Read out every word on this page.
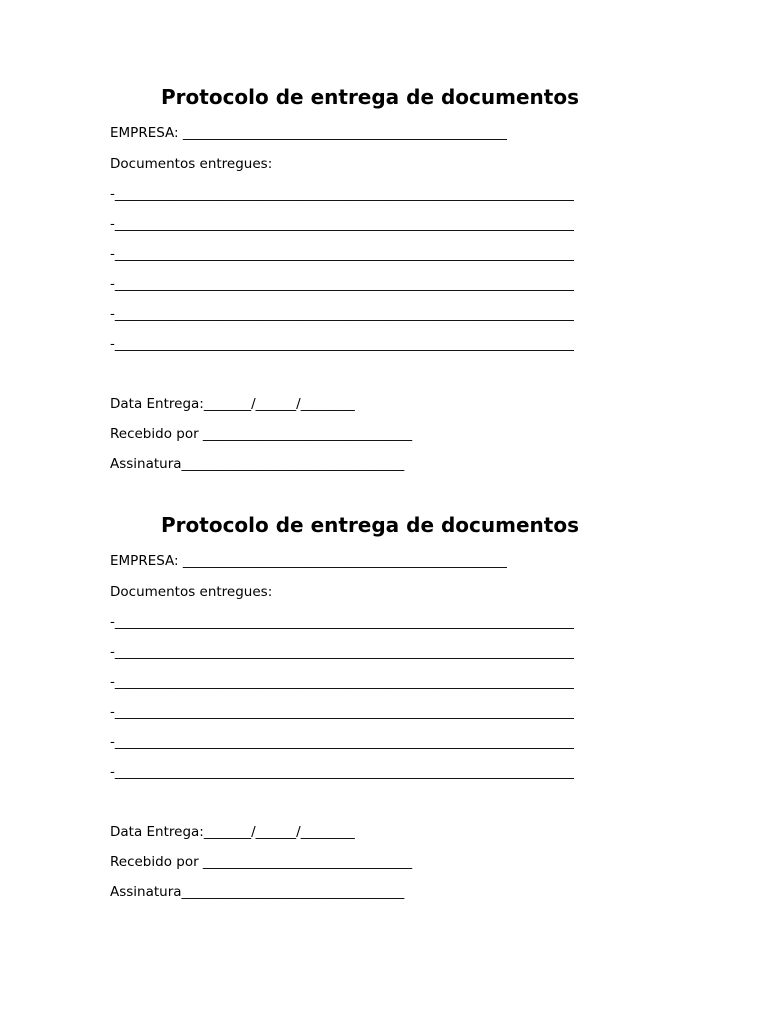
Protocolo de entrega de documentos
EMPRESA: ________________________________________________
Documentos entregues:
-____________________________________________________________________
-____________________________________________________________________
-____________________________________________________________________
-____________________________________________________________________
-____________________________________________________________________
-____________________________________________________________________
Data Entrega:_______/______/________
Recebido por _______________________________
Assinatura_________________________________
Protocolo de entrega de documentos
EMPRESA: ________________________________________________
Documentos entregues:
-____________________________________________________________________
-____________________________________________________________________
-____________________________________________________________________
-____________________________________________________________________
-____________________________________________________________________
-____________________________________________________________________
Data Entrega:_______/______/________
Recebido por _______________________________
Assinatura_________________________________
